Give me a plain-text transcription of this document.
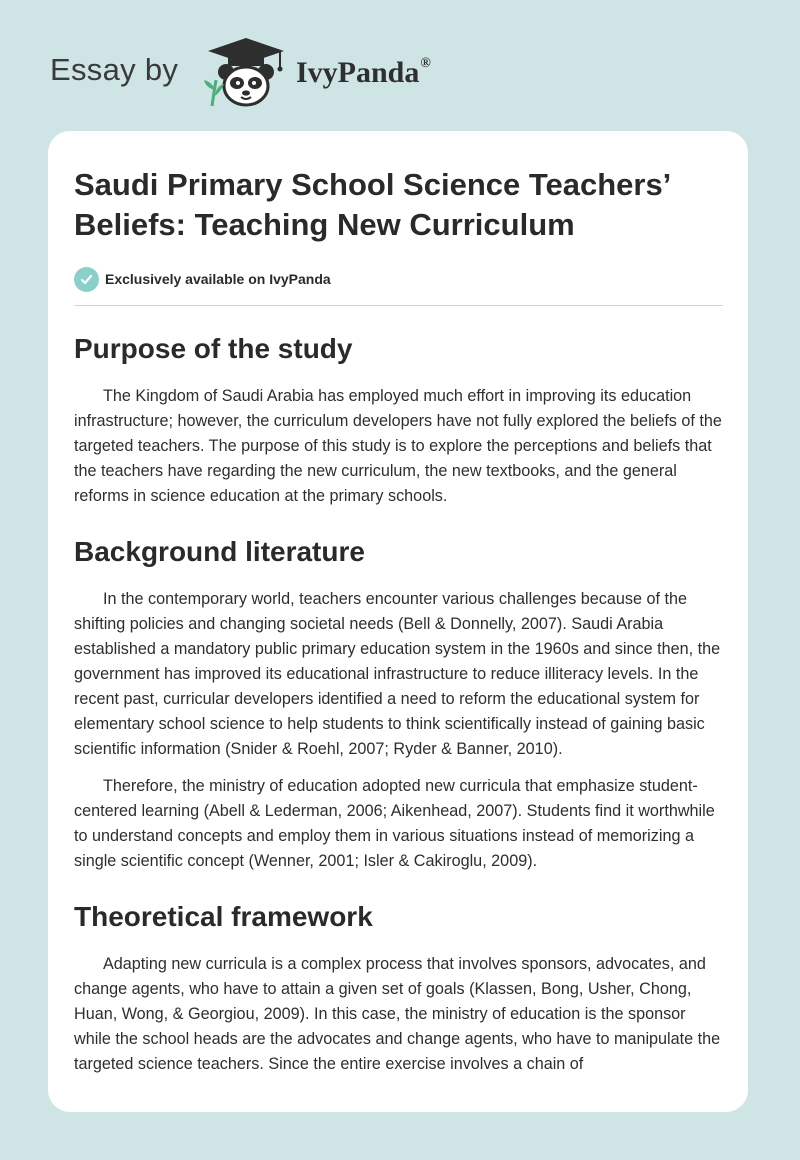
Essay by	IvyPanda®
Saudi Primary School Science Teachers’ Beliefs: Teaching New Curriculum
Exclusively available on IvyPanda
Purpose of the study

The Kingdom of Saudi Arabia has employed much effort in improving its education infrastructure; however, the curriculum developers have not fully explored the beliefs of the targeted teachers. The purpose of this study is to explore the perceptions and beliefs that the teachers have regarding the new curriculum, the new textbooks, and the general reforms in science education at the primary schools.

Background literature

In the contemporary world, teachers encounter various challenges because of the shifting policies and changing societal needs (Bell & Donnelly, 2007). Saudi Arabia established a mandatory public primary education system in the 1960s and since then, the government has improved its educational infrastructure to reduce illiteracy levels. In the recent past, curricular developers identified a need to reform the educational system for elementary school science to help students to think scientifically instead of gaining basic scientific information (Snider & Roehl, 2007; Ryder & Banner, 2010).

Therefore, the ministry of education adopted new curricula that emphasize student-centered learning (Abell & Lederman, 2006; Aikenhead, 2007). Students find it worthwhile to understand concepts and employ them in various situations instead of memorizing a single scientific concept (Wenner, 2001; Isler & Cakiroglu, 2009).

Theoretical framework

Adapting new curricula is a complex process that involves sponsors, advocates, and change agents, who have to attain a given set of goals (Klassen, Bong, Usher, Chong, Huan, Wong, & Georgiou, 2009). In this case, the ministry of education is the sponsor while the school heads are the advocates and change agents, who have to manipulate the targeted science teachers. Since the entire exercise involves a chain of
